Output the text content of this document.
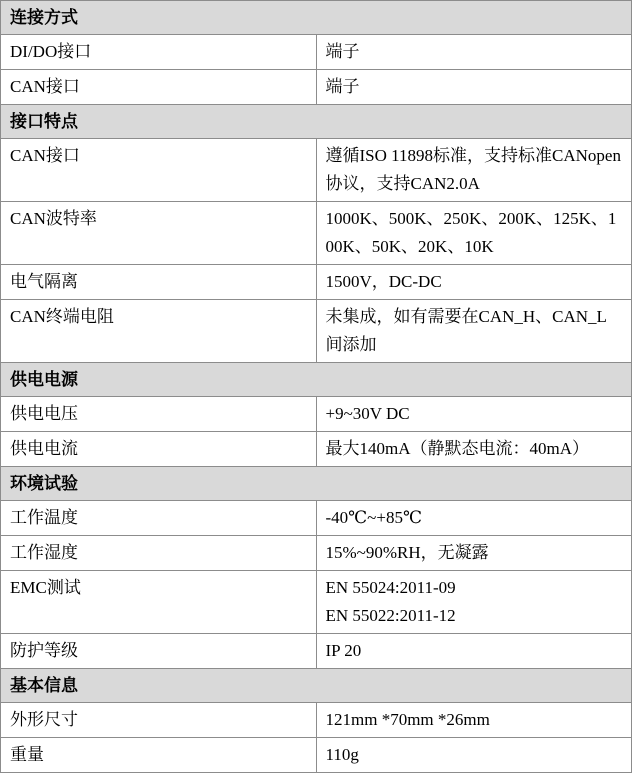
连接方式	
DI/DO接口	端子

CAN接口	端子

接口特点	
CAN接口	遵循ISO 11898标准，支持标准CANopen协议，支持CAN2.0A

CAN波特率	1000K、500K、250K、200K、125K、100K、50K、20K、10K

电气隔离	1500V，DC-DC

CAN终端电阻	未集成，如有需要在CAN_H、CAN_L间添加

供电电源	
供电电压	+9~30V DC

供电电流	最大140mA（静默态电流：40mA）

环境试验	
工作温度	-40℃~+85℃

工作湿度	15%~90%RH，无凝露

EMC测试	EN 55024:2011-09
EN 55022:2011-12

防护等级	IP 20

基本信息	
外形尺寸	121mm *70mm *26mm

重量	110g
